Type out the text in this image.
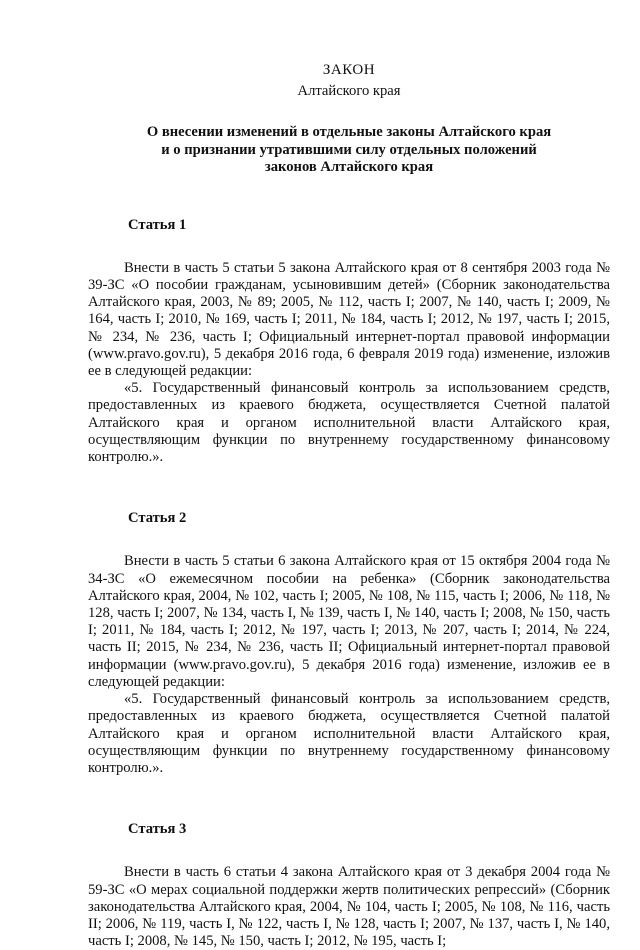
ЗАКОН

Алтайского края

О внесении изменений в отдельные законы Алтайского края
и о признании утратившими силу отдельных положений
законов Алтайского края
Статья 1

Внести в часть 5 статьи 5 закона Алтайского края от 8 сентября 2003 года № 39-ЗС «О пособии гражданам, усыновившим детей» (Сборник законодательства Алтайского края, 2003, № 89; 2005, № 112, часть I; 2007, № 140, часть I; 2009, № 164, часть I; 2010, № 169, часть I; 2011, № 184, часть I; 2012, № 197, часть I; 2015, № 234, № 236, часть I; Официальный интернет-портал правовой информации (www.pravo.gov.ru), 5 декабря 2016 года, 6 февраля 2019 года) изменение, изложив ее в следующей редакции:

«5. Государственный финансовый контроль за использованием средств, предоставленных из краевого бюджета, осуществляется Счетной палатой Алтайского края и органом исполнительной власти Алтайского края, осуществляющим функции по внутреннему государственному финансовому контролю.».

Статья 2

Внести в часть 5 статьи 6 закона Алтайского края от 15 октября 2004 года № 34-ЗС «О ежемесячном пособии на ребенка» (Сборник законодательства Алтайского края, 2004, № 102, часть I; 2005, № 108, № 115, часть I; 2006, № 118, № 128, часть I; 2007, № 134, часть I, № 139, часть I, № 140, часть I; 2008, № 150, часть I; 2011, № 184, часть I; 2012, № 197, часть I; 2013, № 207, часть I; 2014, № 224, часть II; 2015, № 234, № 236, часть II; Официальный интернет-портал правовой информации (www.pravo.gov.ru), 5 декабря 2016 года) изменение, изложив ее в следующей редакции:

«5. Государственный финансовый контроль за использованием средств, предоставленных из краевого бюджета, осуществляется Счетной палатой Алтайского края и органом исполнительной власти Алтайского края, осуществляющим функции по внутреннему государственному финансовому контролю.».

Статья 3

Внести в часть 6 статьи 4 закона Алтайского края от 3 декабря 2004 года № 59-ЗС «О мерах социальной поддержки жертв политических репрессий» (Сборник законодательства Алтайского края, 2004, № 104, часть I; 2005, № 108, № 116, часть II; 2006, № 119, часть I, № 122, часть I, № 128, часть I; 2007, № 137, часть I, № 140, часть I; 2008, № 145, № 150, часть I; 2012, № 195, часть I;
